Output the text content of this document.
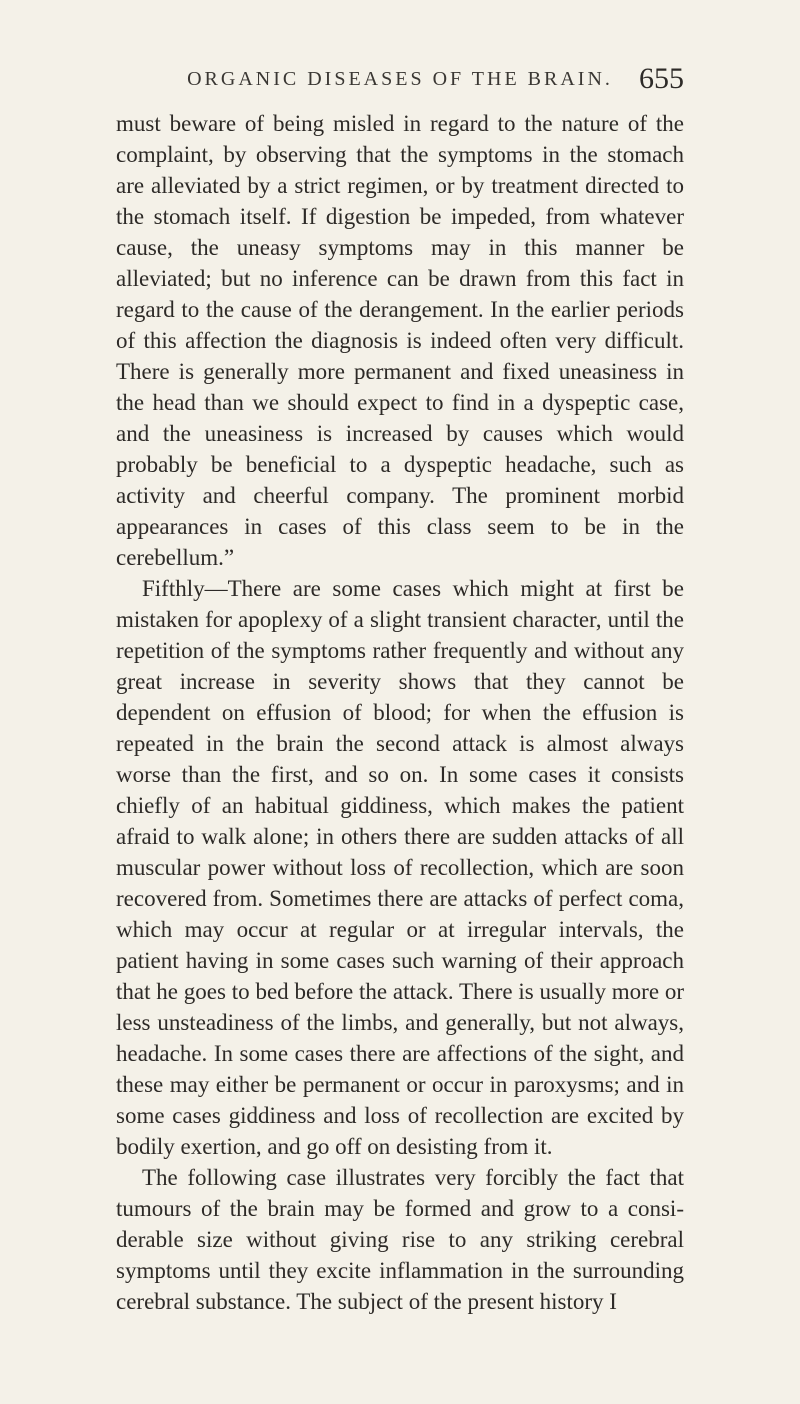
ORGANIC DISEASES OF THE BRAIN. 655

must beware of being misled in regard to the nature of the complaint, by observing that the symptoms in the stomach are alleviated by a strict regimen, or by treatment directed to the stomach itself. If digestion be impeded, from whatever cause, the uneasy symptoms may in this manner be alleviated; but no inference can be drawn from this fact in regard to the cause of the derangement. In the earlier periods of this affection the diagnosis is indeed often very difficult. There is generally more permanent and fixed uneasiness in the head than we should expect to find in a dyspeptic case, and the uneasiness is increased by causes which would probably be beneficial to a dyspeptic headache, such as activity and cheerful company. The prominent morbid appearances in cases of this class seem to be in the cerebellum.”

Fifthly—There are some cases which might at first be mistaken for apoplexy of a slight transient character, until the repetition of the symptoms rather frequently and without any great increase in severity shows that they cannot be dependent on effusion of blood; for when the effusion is repeated in the brain the second attack is almost always worse than the first, and so on. In some cases it consists chiefly of an habitual giddiness, which makes the patient afraid to walk alone; in others there are sudden attacks of all muscular power without loss of recollection, which are soon recovered from. Sometimes there are attacks of perfect coma, which may occur at regular or at irregular intervals, the patient having in some cases such warning of their approach that he goes to bed before the attack. There is usually more or less unsteadiness of the limbs, and generally, but not always, headache. In some cases there are affections of the sight, and these may either be permanent or occur in paroxysms; and in some cases giddiness and loss of recollection are excited by bodily exertion, and go off on desisting from it.

The following case illustrates very forcibly the fact that tumours of the brain may be formed and grow to a considerable size without giving rise to any striking cerebral symptoms until they excite inflammation in the surrounding cerebral substance. The subject of the present history I
